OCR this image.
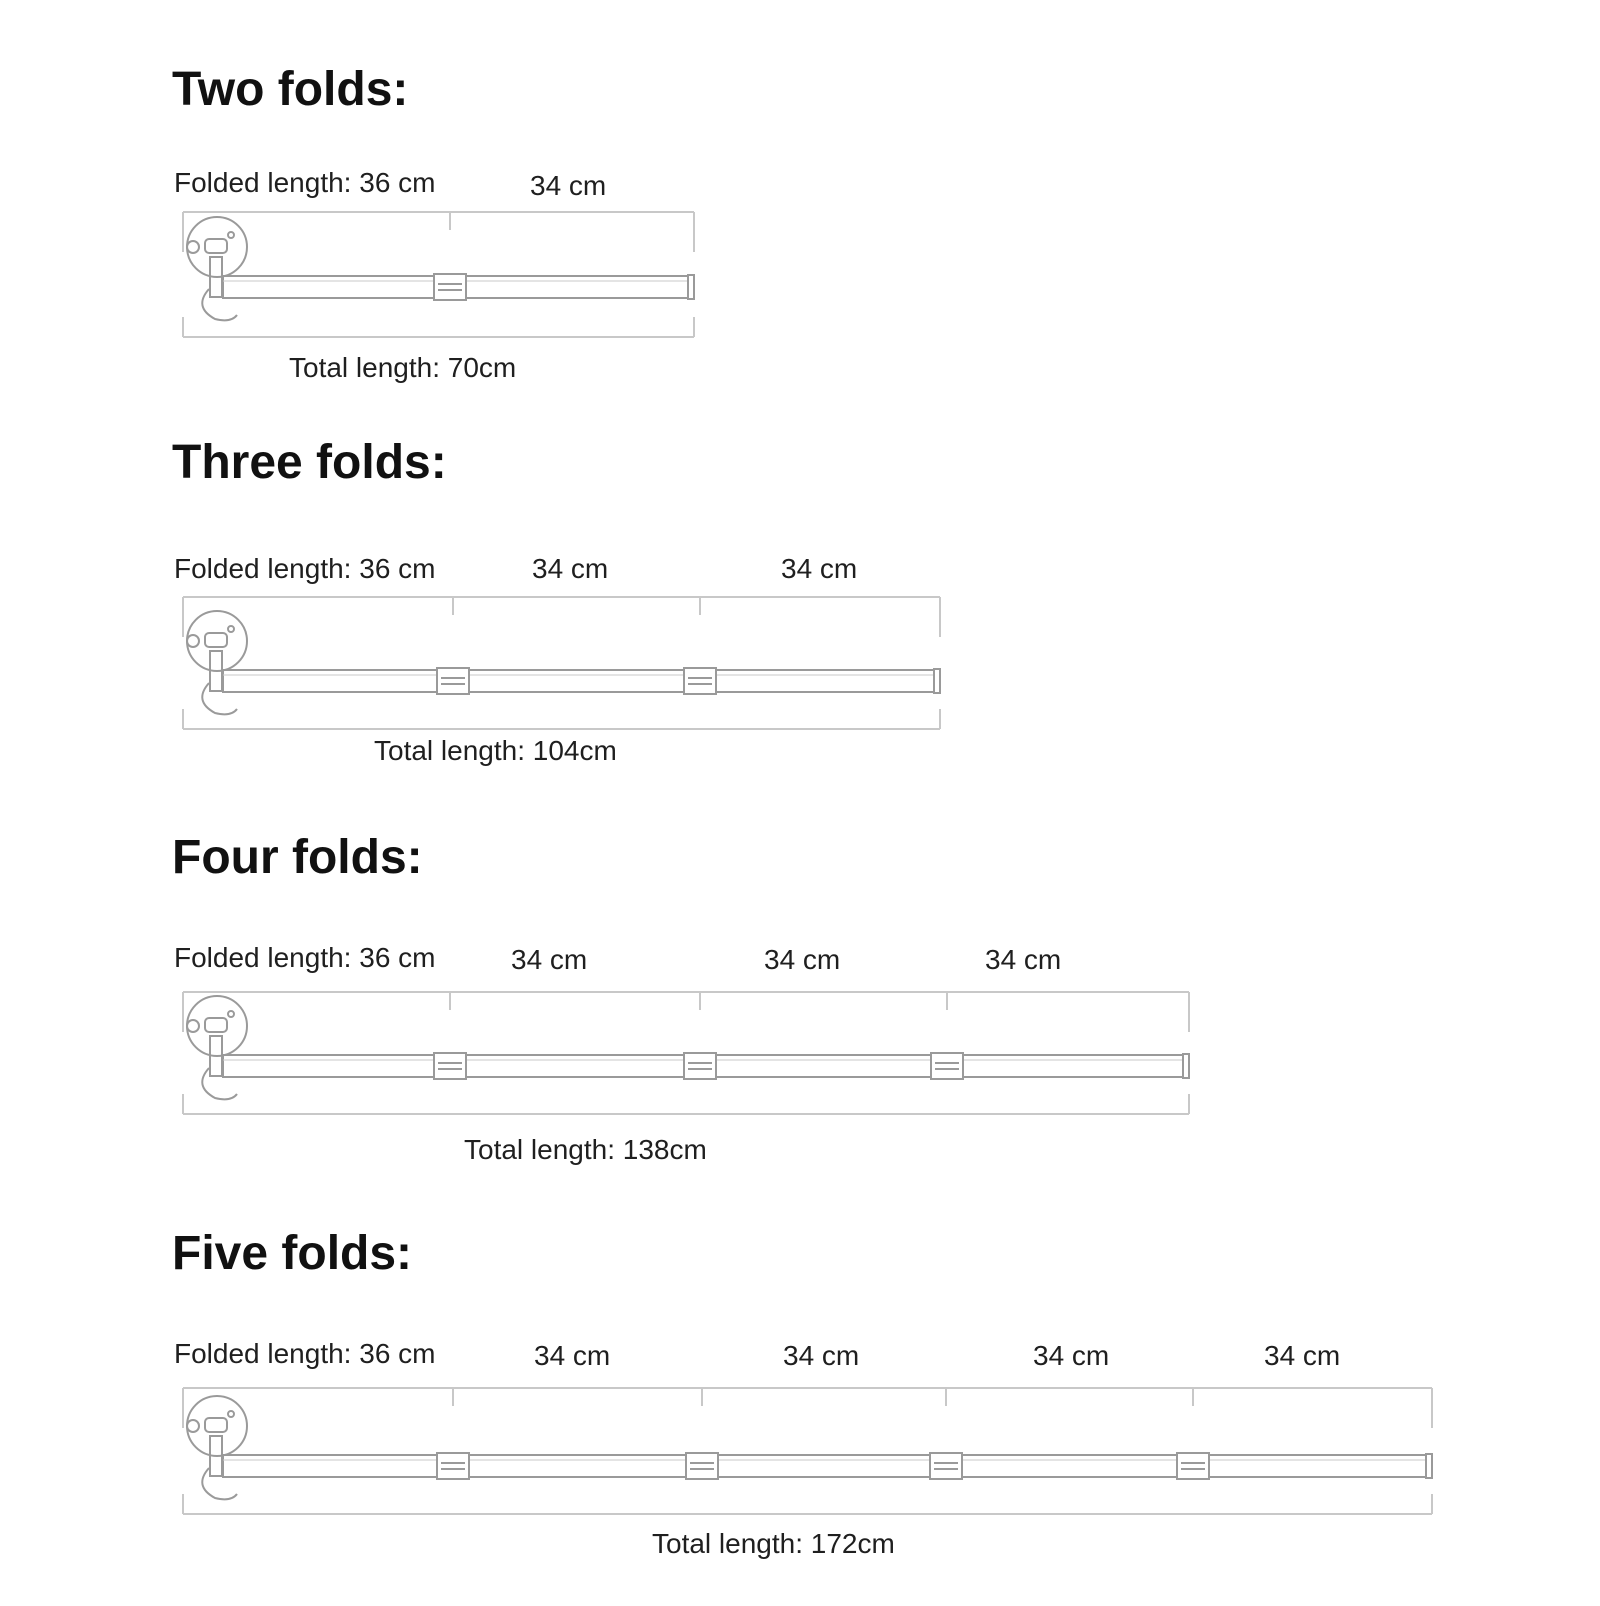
Two folds:
Folded length: 36 cm	34 cm
Total length: 70cm
Three folds:
Folded length: 36 cm	34 cm	34 cm
Total length: 104cm
Four folds:
Folded length: 36 cm	34 cm	34 cm	34 cm
Total length: 138cm
Five folds:
Folded length: 36 cm	34 cm	34 cm	34 cm	34 cm
Total length: 172cm
